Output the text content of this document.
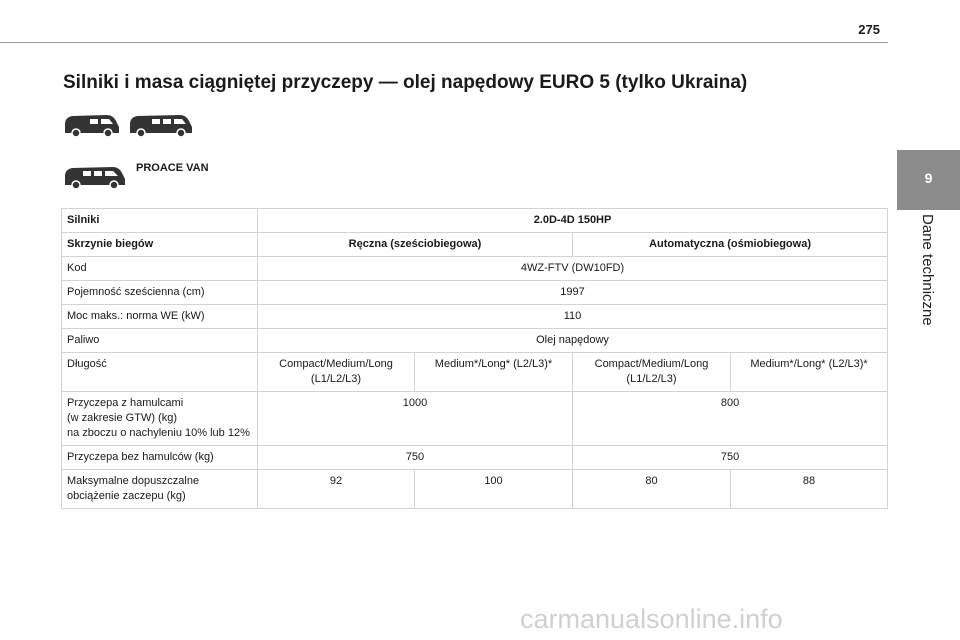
275
Silniki i masa ciągniętej przyczepy — olej napędowy EURO 5 (tylko Ukraina)
9
Dane techniczne
PROACE VAN
Silniki	2.0D-4D 150HP			
Skrzynie biegów	Ręczna (sześciobiegowa)		Automatyczna (ośmiobiegowa)	
Kod	4WZ-FTV (DW10FD)			
Pojemność sześcienna (cm)	1997			
Moc maks.: norma WE (kW)	110			
Paliwo	Olej napędowy			
Długość	Compact/Medium/Long (L1/L2/L3)	Medium*/Long* (L2/L3)*	Compact/Medium/Long (L1/L2/L3)	Medium*/Long* (L2/L3)*
Przyczepa z hamulcami
(w zakresie GTW) (kg)
na zboczu o nachyleniu 10% lub 12%	1000		800	
Przyczepa bez hamulców (kg)	750		750	
Maksymalne dopuszczalne obciążenie zaczepu (kg)	92	100	80	88
carmanualsonline.info
